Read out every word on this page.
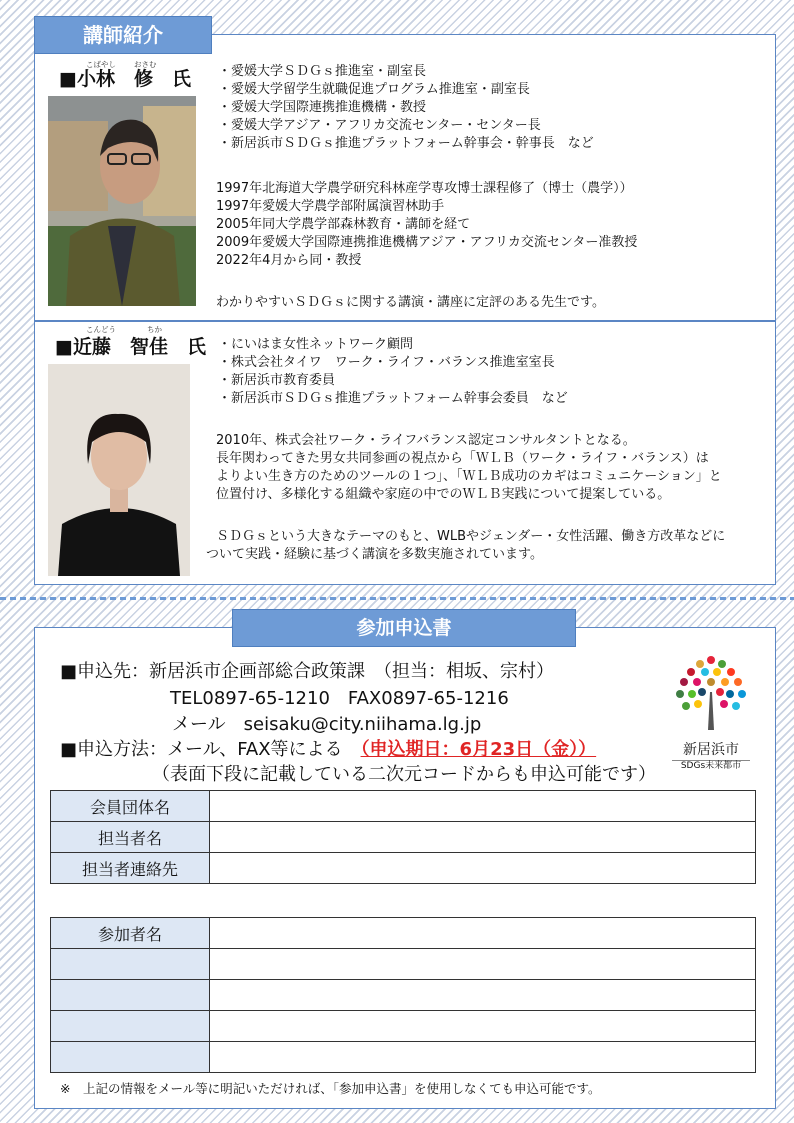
講師紹介
こばやし おさむ
■小林　修　氏 ・愛媛大学ＳＤＧｓ推進室・副室長
・愛媛大学留学生就職促進プログラム推進室・副室長
・愛媛大学国際連携推進機構・教授
・愛媛大学アジア・アフリカ交流センター・センター長
・新居浜市ＳＤＧｓ推進プラットフォーム幹事会・幹事長　など
1997年北海道大学農学研究科林産学専攻博士課程修了（博士（農学））
1997年愛媛大学農学部附属演習林助手
2005年同大学農学部森林教育・講師を経て
2009年愛媛大学国際連携推進機構アジア・アフリカ交流センター准教授
2022年4月から同・教授
わかりやすいＳＤＧｓに関する講演・講座に定評のある先生です。
こんどう	ちか
■近藤　智佳　氏 ・にいはま女性ネットワーク顧問
・株式会社タイワ　ワーク・ライフ・バランス推進室室長
・新居浜市教育委員
・新居浜市ＳＤＧｓ推進プラットフォーム幹事会委員　など
2010年、株式会社ワーク・ライフバランス認定コンサルタントとなる。
長年関わってきた男女共同参画の視点から「ＷＬＢ（ワーク・ライフ・バランス）は
よりよい生き方のためのツールの１つ」、「ＷＬＢ成功のカギはコミュニケーション」と
位置付け、多様化する組織や家庭の中でのＷＬＢ実践について提案している。
ＳＤＧｓという大きなテーマのもと、WLBやジェンダー・女性活躍、働き方改革などに
ついて実践・経験に基づく講演を多数実施されています。
参加申込書
■申込先：新居浜市企画部総合政策課　（担当：相坂、宗村）
TEL0897-65-1210　FAX0897-65-1216
メール　seisaku@city.niihama.lg.jp
■申込方法：メール、FAX等による　（申込期日：6月23日（金））
（表面下段に記載している二次元コードからも申込可能です）
新居浜市
SDGs未来都市
会員団体名	
担当者名	
担当者連絡先	
参加者名	

※　上記の情報をメール等に明記いただければ、「参加申込書」を使用しなくても申込可能です。
